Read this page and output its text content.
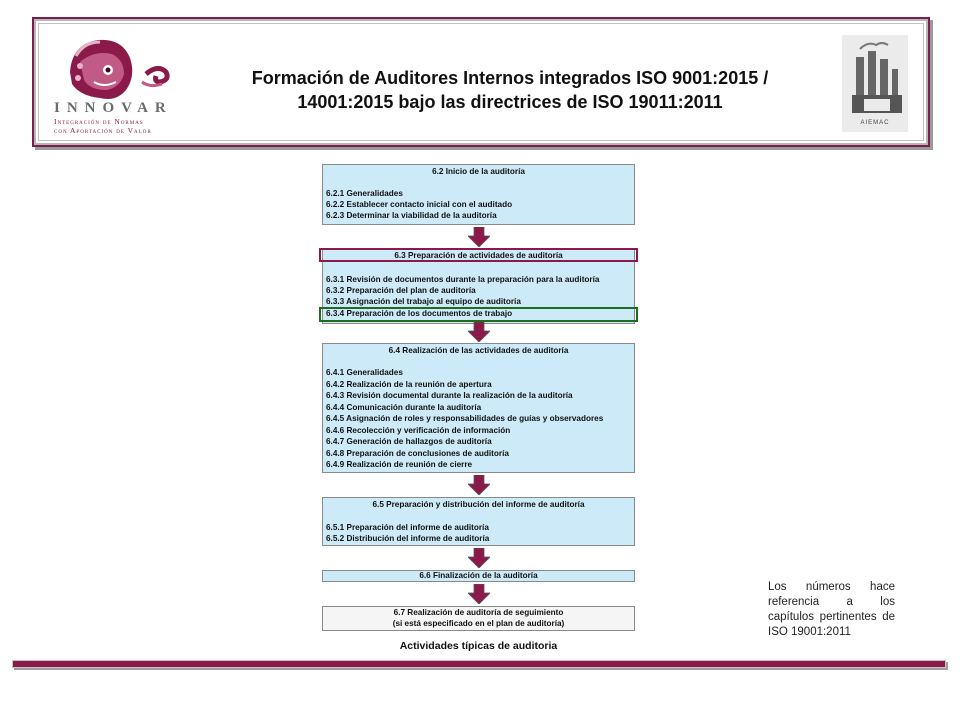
INNOVAR
Integración de Normas
con Aportación de Valor
Formación de Auditores Internos integrados ISO 9001:2015 /
14001:2015 bajo las directrices de ISO 19011:2011
AIEMAC
6.2 Inicio de la auditoría
6.2.1 Generalidades
6.2.2 Establecer contacto inicial con el auditado
6.2.3 Determinar la viabilidad de la auditoría
6.3 Preparación de actividades de auditoría
6.3.1 Revisión de documentos durante la preparación para la auditoría
6.3.2 Preparación del plan de auditoría
6.3.3 Asignación del trabajo al equipo de auditoría
6.3.4 Preparación de los documentos de trabajo
6.4 Realización de las actividades de auditoría
6.4.1 Generalidades
6.4.2 Realización de la reunión de apertura
6.4.3 Revisión documental durante la realización de la auditoría
6.4.4 Comunicación durante la auditoría
6.4.5 Asignación de roles y responsabilidades de guías y observadores
6.4.6 Recolección y verificación de información
6.4.7 Generación de hallazgos de auditoría
6.4.8 Preparación de conclusiones de auditoría
6.4.9 Realización de reunión de cierre
6.5 Preparación y distribución del informe de auditoría
6.5.1 Preparación del informe de auditoría
6.5.2 Distribución del informe de auditoría
6.6 Finalización de la auditoría
6.7 Realización de auditoría de seguimiento
(si está especificado en el plan de auditoría)
Actividades típicas de auditoria
Los números hace referencia a los capítulos pertinentes de ISO 19001:2011
